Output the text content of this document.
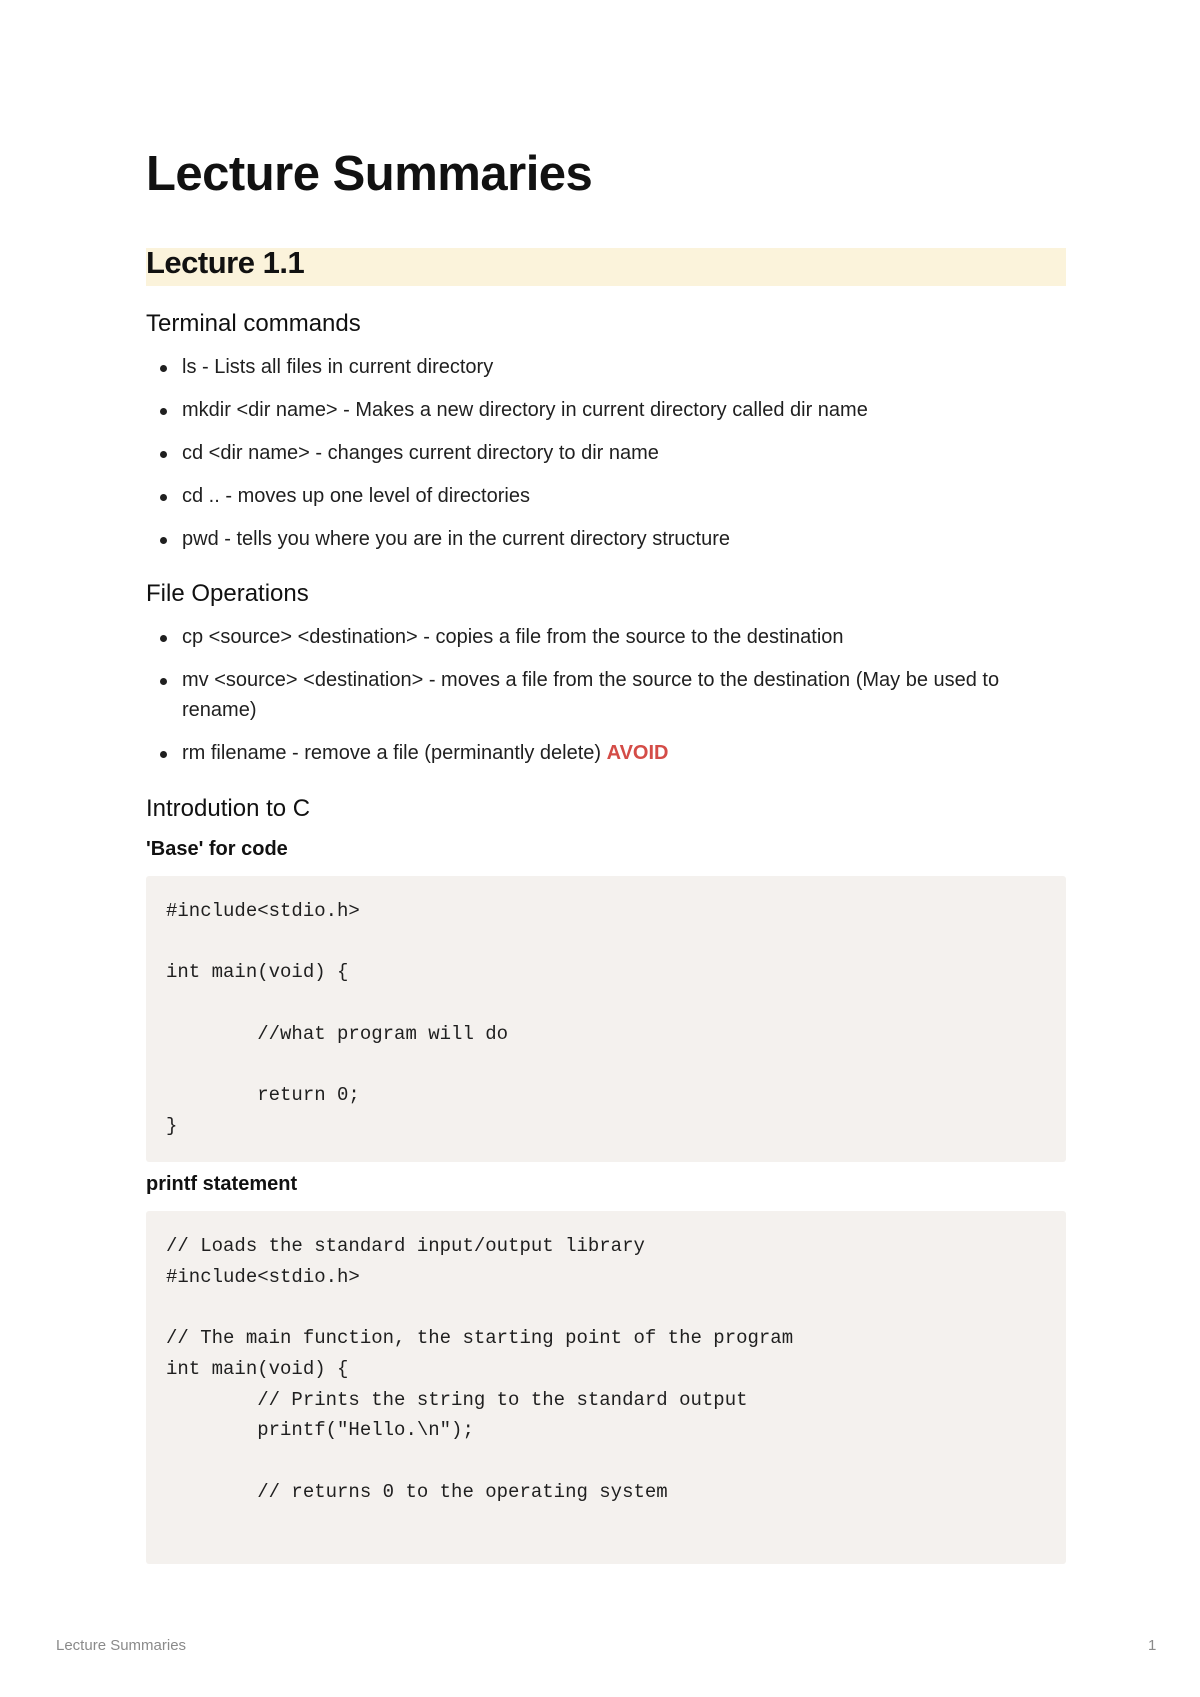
Lecture Summaries
Lecture 1.1
Terminal commands
ls - Lists all files in current directory
mkdir <dir name> - Makes a new directory in current directory called dir name
cd <dir name> - changes current directory to dir name
cd .. - moves up one level of directories
pwd - tells you where you are in the current directory structure
File Operations
cp <source> <destination> - copies a file from the source to the destination
mv <source> <destination> - moves a file from the source to the destination (May be used to rename)
rm filename - remove a file (perminantly delete) AVOID
Introdution to C
'Base' for code
#include<stdio.h>

int main(void) {

//what program will do

return 0;
}
printf statement
// Loads the standard input/output library
#include<stdio.h>

// The main function, the starting point of the program
int main(void) {
// Prints the string to the standard output
printf("Hello.\n");

// returns 0 to the operating system

Lecture Summaries	1
